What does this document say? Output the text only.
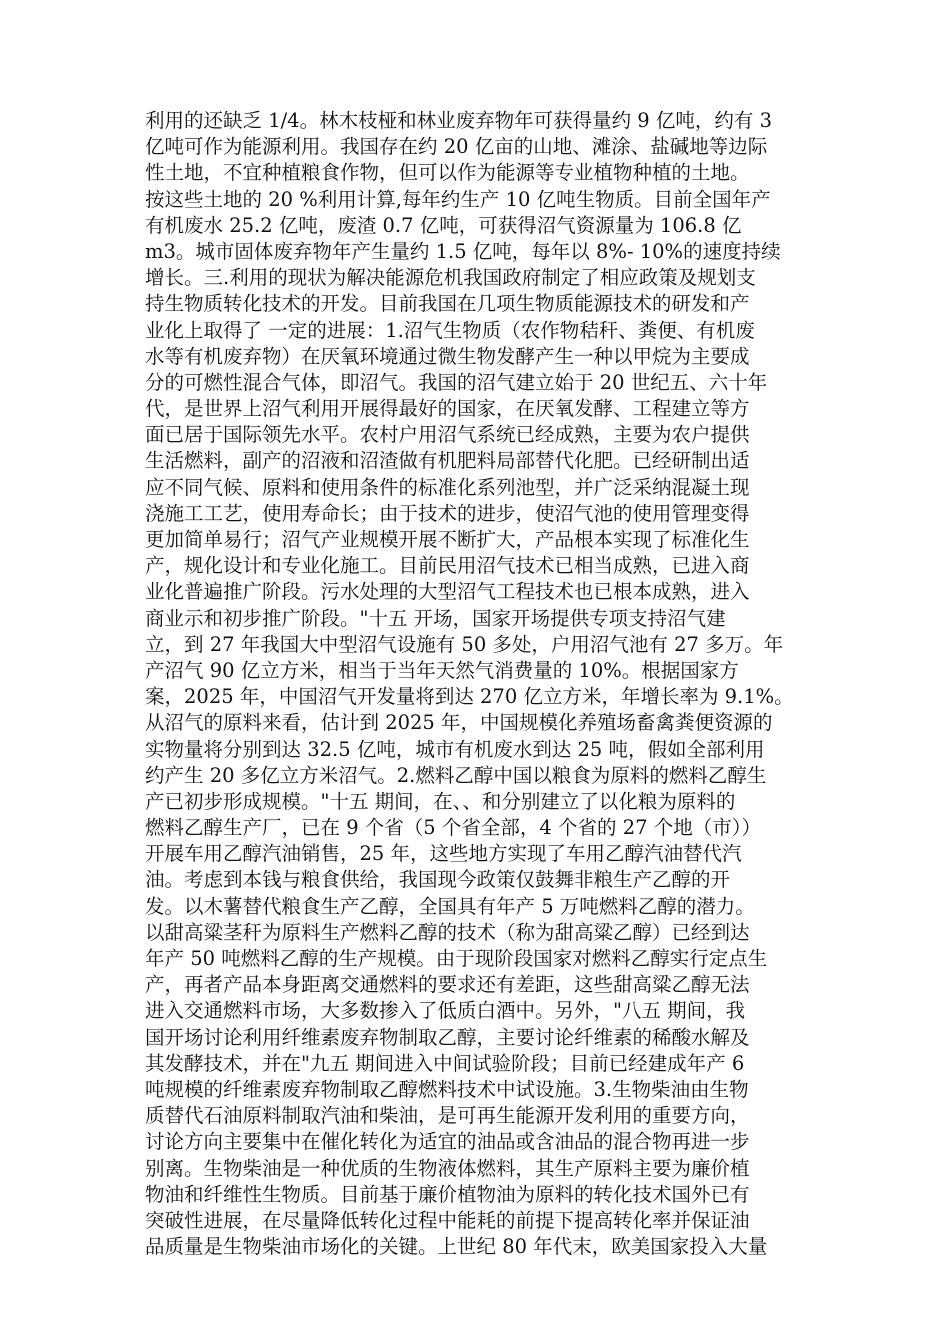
利用的还缺乏 1/4。林木枝桠和林业废弃物年可获得量约 9 亿吨，约有 3
亿吨可作为能源利用。我国存在约 20 亿亩的山地、滩涂、盐碱地等边际
性土地，不宜种植粮食作物，但可以作为能源等专业植物种植的土地。
按这些土地的 20 %利用计算,每年约生产 10 亿吨生物质。目前全国年产
有机废水 25.2 亿吨，废渣 0.7 亿吨，可获得沼气资源量为 106.8 亿
m3。城市固体废弃物年产生量约 1.5 亿吨，每年以 8%- 10%的速度持续
增长。三.利用的现状为解决能源危机我国政府制定了相应政策及规划支
持生物质转化技术的开发。目前我国在几项生物质能源技术的研发和产
业化上取得了 一定的进展：1.沼气生物质（农作物秸秆、粪便、有机废
水等有机废弃物）在厌氧环境通过微生物发酵产生一种以甲烷为主要成
分的可燃性混合气体，即沼气。我国的沼气建立始于 20 世纪五、六十年
代，是世界上沼气利用开展得最好的国家，在厌氧发酵、工程建立等方
面已居于国际领先水平。农村户用沼气系统已经成熟，主要为农户提供
生活燃料，副产的沼液和沼渣做有机肥料局部替代化肥。已经研制出适
应不同气候、原料和使用条件的标准化系列池型，并广泛采纳混凝土现
浇施工工艺，使用寿命长；由于技术的进步，使沼气池的使用管理变得
更加简单易行；沼气产业规模开展不断扩大，产品根本实现了标准化生
产，规化设计和专业化施工。目前民用沼气技术已相当成熟，已进入商
业化普遍推广阶段。污水处理的大型沼气工程技术也已根本成熟，进入
商业示和初步推广阶段。"十五 开场，国家开场提供专项支持沼气建
立，到 27 年我国大中型沼气设施有 50 多处，户用沼气池有 27 多万。年
产沼气 90 亿立方米，相当于当年天然气消费量的 10%。根据国家方
案，2025 年，中国沼气开发量将到达 270 亿立方米，年增长率为 9.1%。
从沼气的原料来看，估计到 2025 年，中国规模化养殖场畜禽粪便资源的
实物量将分别到达 32.5 亿吨，城市有机废水到达 25 吨，假如全部利用
约产生 20 多亿立方米沼气。2.燃料乙醇中国以粮食为原料的燃料乙醇生
产已初步形成规模。"十五 期间，在、、和分别建立了以化粮为原料的
燃料乙醇生产厂，已在 9 个省（5 个省全部，4 个省的 27 个地（市））
开展车用乙醇汽油销售，25 年，这些地方实现了车用乙醇汽油替代汽
油。考虑到本钱与粮食供给，我国现今政策仅鼓舞非粮生产乙醇的开
发。以木薯替代粮食生产乙醇，全国具有年产 5 万吨燃料乙醇的潜力。
以甜高粱茎秆为原料生产燃料乙醇的技术（称为甜高粱乙醇）已经到达
年产 50 吨燃料乙醇的生产规模。由于现阶段国家对燃料乙醇实行定点生
产，再者产品本身距离交通燃料的要求还有差距，这些甜高粱乙醇无法
进入交通燃料市场，大多数掺入了低质白酒中。另外，"八五 期间，我
国开场讨论利用纤维素废弃物制取乙醇，主要讨论纤维素的稀酸水解及
其发酵技术，并在"九五 期间进入中间试验阶段；目前已经建成年产 6
吨规模的纤维素废弃物制取乙醇燃料技术中试设施。3.生物柴油由生物
质替代石油原料制取汽油和柴油，是可再生能源开发利用的重要方向，
讨论方向主要集中在催化转化为适宜的油品或含油品的混合物再进一步
别离。生物柴油是一种优质的生物液体燃料，其生产原料主要为廉价植
物油和纤维性生物质。目前基于廉价植物油为原料的转化技术国外已有
突破性进展，在尽量降低转化过程中能耗的前提下提高转化率并保证油
品质量是生物柴油市场化的关键。上世纪 80 年代末，欧美国家投入大量
